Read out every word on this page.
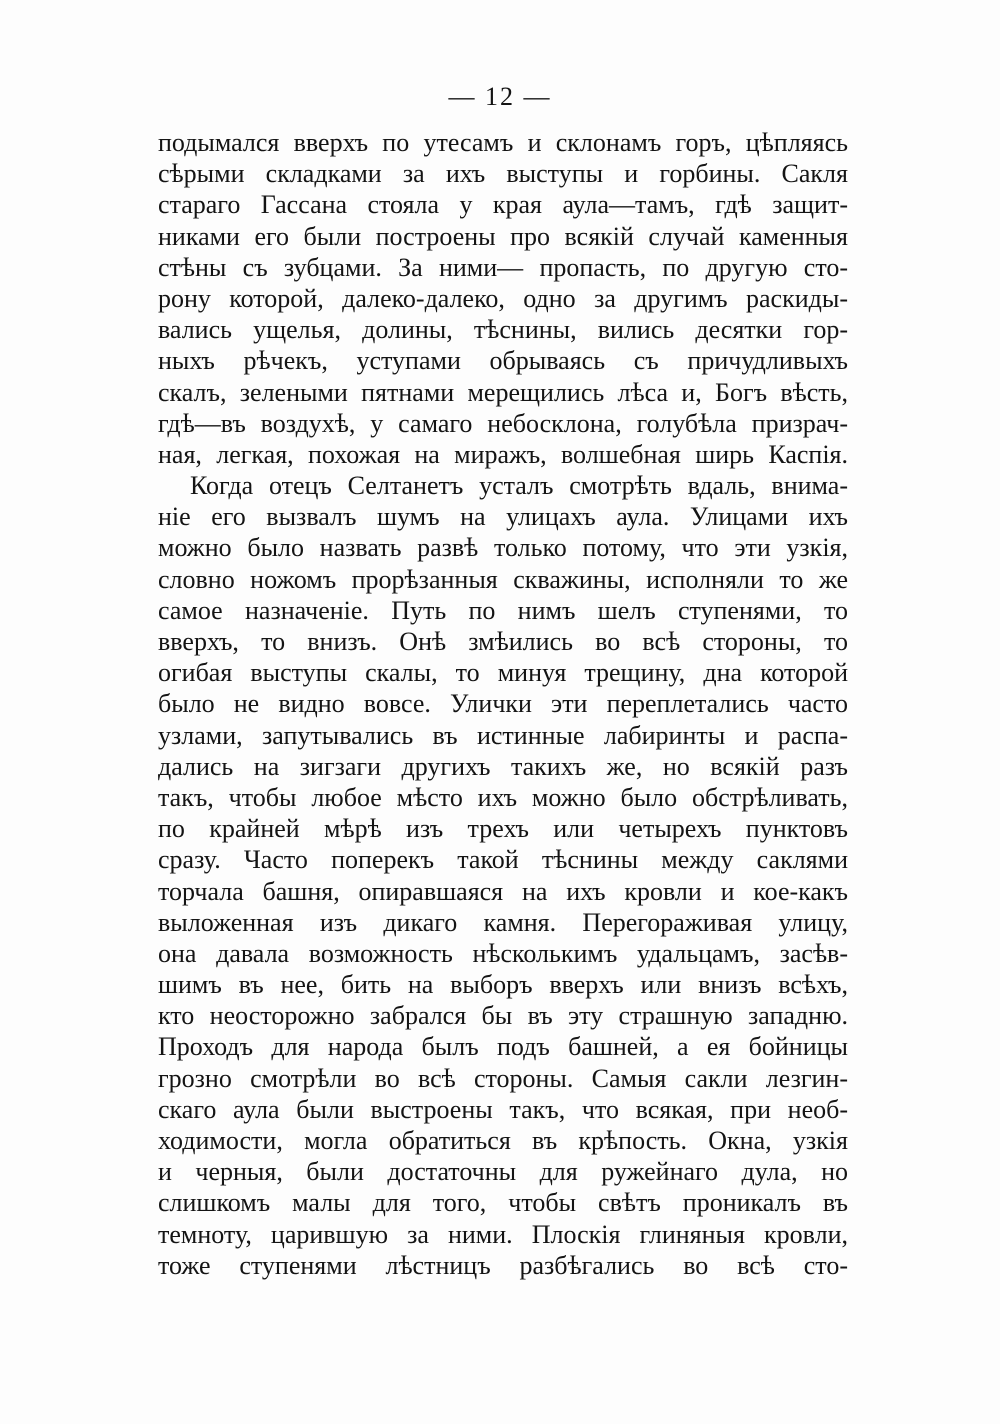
— 12 —
подымался вверхъ по утесамъ и склонамъ горъ, цѣпляясь
сѣрыми складками за ихъ выступы и горбины. Сакля
стараго Гассана стояла у края аула—тамъ, гдѣ защит-
никами его были построены про всякій случай каменныя
стѣны съ зубцами. За ними— пропасть, по другую сто-
рону которой, далеко-далеко, одно за другимъ раскиды-
вались ущелья, долины, тѣснины, вились десятки гор-
ныхъ рѣчекъ, уступами обрываясь съ причудливыхъ
скалъ, зелеными пятнами мерещились лѣса и, Богъ вѣсть,
гдѣ—въ воздухѣ, у самаго небосклона, голубѣла призрач-
ная, легкая, похожая на миражъ, волшебная ширь Каспія.
Когда отецъ Селтанетъ усталъ смотрѣть вдаль, внима-
ніе его вызвалъ шумъ на улицахъ аула. Улицами ихъ
можно было назвать развѣ только потому, что эти узкія,
словно ножомъ прорѣзанныя скважины, исполняли то же
самое назначеніе. Путь по нимъ шелъ ступенями, то
вверхъ, то внизъ. Онѣ змѣились во всѣ стороны, то
огибая выступы скалы, то минуя трещину, дна которой
было не видно вовсе. Улички эти переплетались часто
узлами, запутывались въ истинные лабиринты и распа-
дались на зигзаги другихъ такихъ же, но всякій разъ
такъ, чтобы любое мѣсто ихъ можно было обстрѣливать,
по крайней мѣрѣ изъ трехъ или четырехъ пунктовъ
сразу. Часто поперекъ такой тѣснины между саклями
торчала башня, опиравшаяся на ихъ кровли и кое-какъ
выложенная изъ дикаго камня. Перегораживая улицу,
она давала возможность нѣсколькимъ удальцамъ, засѣв-
шимъ въ нее, бить на выборъ вверхъ или внизъ всѣхъ,
кто неосторожно забрался бы въ эту страшную западню.
Проходъ для народа былъ подъ башней, а ея бойницы
грозно смотрѣли во всѣ стороны. Самыя сакли лезгин-
скаго аула были выстроены такъ, что всякая, при необ-
ходимости, могла обратиться въ крѣпость. Окна, узкія
и черныя, были достаточны для ружейнаго дула, но
слишкомъ малы для того, чтобы свѣтъ проникалъ въ
темноту, царившую за ними. Плоскія глиняныя кровли,
тоже ступенями лѣстницъ разбѣгались во всѣ сто-
